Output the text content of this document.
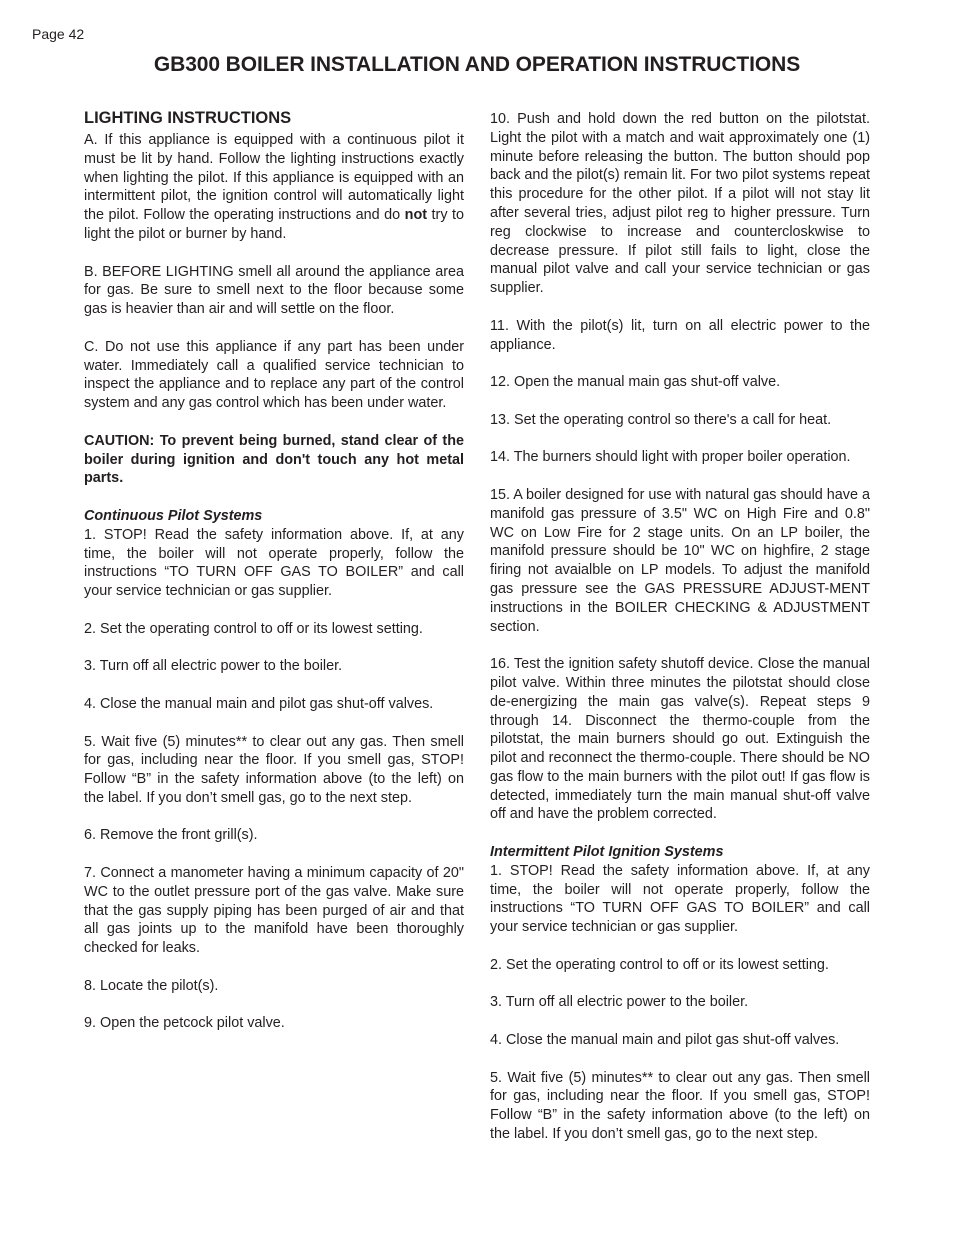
Page 42
GB300 BOILER INSTALLATION AND OPERATION INSTRUCTIONS
LIGHTING INSTRUCTIONS

A. If this appliance is equipped with a continuous pilot it must be lit by hand. Follow the lighting instructions exactly when lighting the pilot. If this appliance is equipped with an intermittent pilot, the ignition control will automatically light the pilot. Follow the operating instructions and do not try to light the pilot or burner by hand.

B. BEFORE LIGHTING smell all around the appliance area for gas. Be sure to smell next to the floor because some gas is heavier than air and will settle on the floor.

C. Do not use this appliance if any part has been under water. Immediately call a qualified service technician to inspect the appliance and to replace any part of the control system and any gas control which has been under water.

CAUTION: To prevent being burned, stand clear of the boiler during ignition and don't touch any hot metal parts.

Continuous Pilot Systems

1. STOP! Read the safety information above. If, at any time, the boiler will not operate properly, follow the instructions “TO TURN OFF GAS TO BOILER” and call your service technician or gas supplier.

2. Set the operating control to off or its lowest setting.

3. Turn off all electric power to the boiler.

4. Close the manual main and pilot gas shut-off valves.

5. Wait five (5) minutes** to clear out any gas. Then smell for gas, including near the floor. If you smell gas, STOP! Follow “B” in the safety information above (to the left) on the label. If you don’t smell gas, go to the next step.

6. Remove the front grill(s).

7. Connect a manometer having a minimum capacity of 20" WC to the outlet pressure port of the gas valve. Make sure that the gas supply piping has been purged of air and that all gas joints up to the manifold have been thoroughly checked for leaks.

8. Locate the pilot(s).

9. Open the petcock pilot valve.

10. Push and hold down the red button on the pilotstat. Light the pilot with a match and wait approximately one (1) minute before releasing the button. The button should pop back and the pilot(s) remain lit. For two pilot systems repeat this procedure for the other pilot. If a pilot will not stay lit after several tries, adjust pilot reg to higher pressure. Turn reg clockwise to increase and countercloskwise to decrease pressure. If pilot still fails to light, close the manual pilot valve and call your service technician or gas supplier.

11. With the pilot(s) lit, turn on all electric power to the appliance.

12. Open the manual main gas shut-off valve.

13. Set the operating control so there's a call for heat.

14. The burners should light with proper boiler operation.

15. A boiler designed for use with natural gas should have a manifold gas pressure of 3.5" WC on High Fire and 0.8" WC on Low Fire for 2 stage units. On an LP boiler, the manifold pressure should be 10" WC on highfire, 2 stage firing not avaialble on LP models. To adjust the manifold gas pressure see the GAS PRESSURE ADJUST-MENT instructions in the BOILER CHECKING & ADJUSTMENT section.

16. Test the ignition safety shutoff device. Close the manual pilot valve. Within three minutes the pilotstat should close de-energizing the main gas valve(s). Repeat steps 9 through 14. Disconnect the thermo-couple from the pilotstat, the main burners should go out. Extinguish the pilot and reconnect the thermo-couple. There should be NO gas flow to the main burners with the pilot out! If gas flow is detected, immediately turn the main manual shut-off valve off and have the problem corrected.

Intermittent Pilot Ignition Systems

1. STOP! Read the safety information above. If, at any time, the boiler will not operate properly, follow the instructions “TO TURN OFF GAS TO BOILER” and call your service technician or gas supplier.

2. Set the operating control to off or its lowest setting.

3. Turn off all electric power to the boiler.

4. Close the manual main and pilot gas shut-off valves.

5. Wait five (5) minutes** to clear out any gas. Then smell for gas, including near the floor. If you smell gas, STOP! Follow “B” in the safety information above (to the left) on the label. If you don’t smell gas, go to the next step.
